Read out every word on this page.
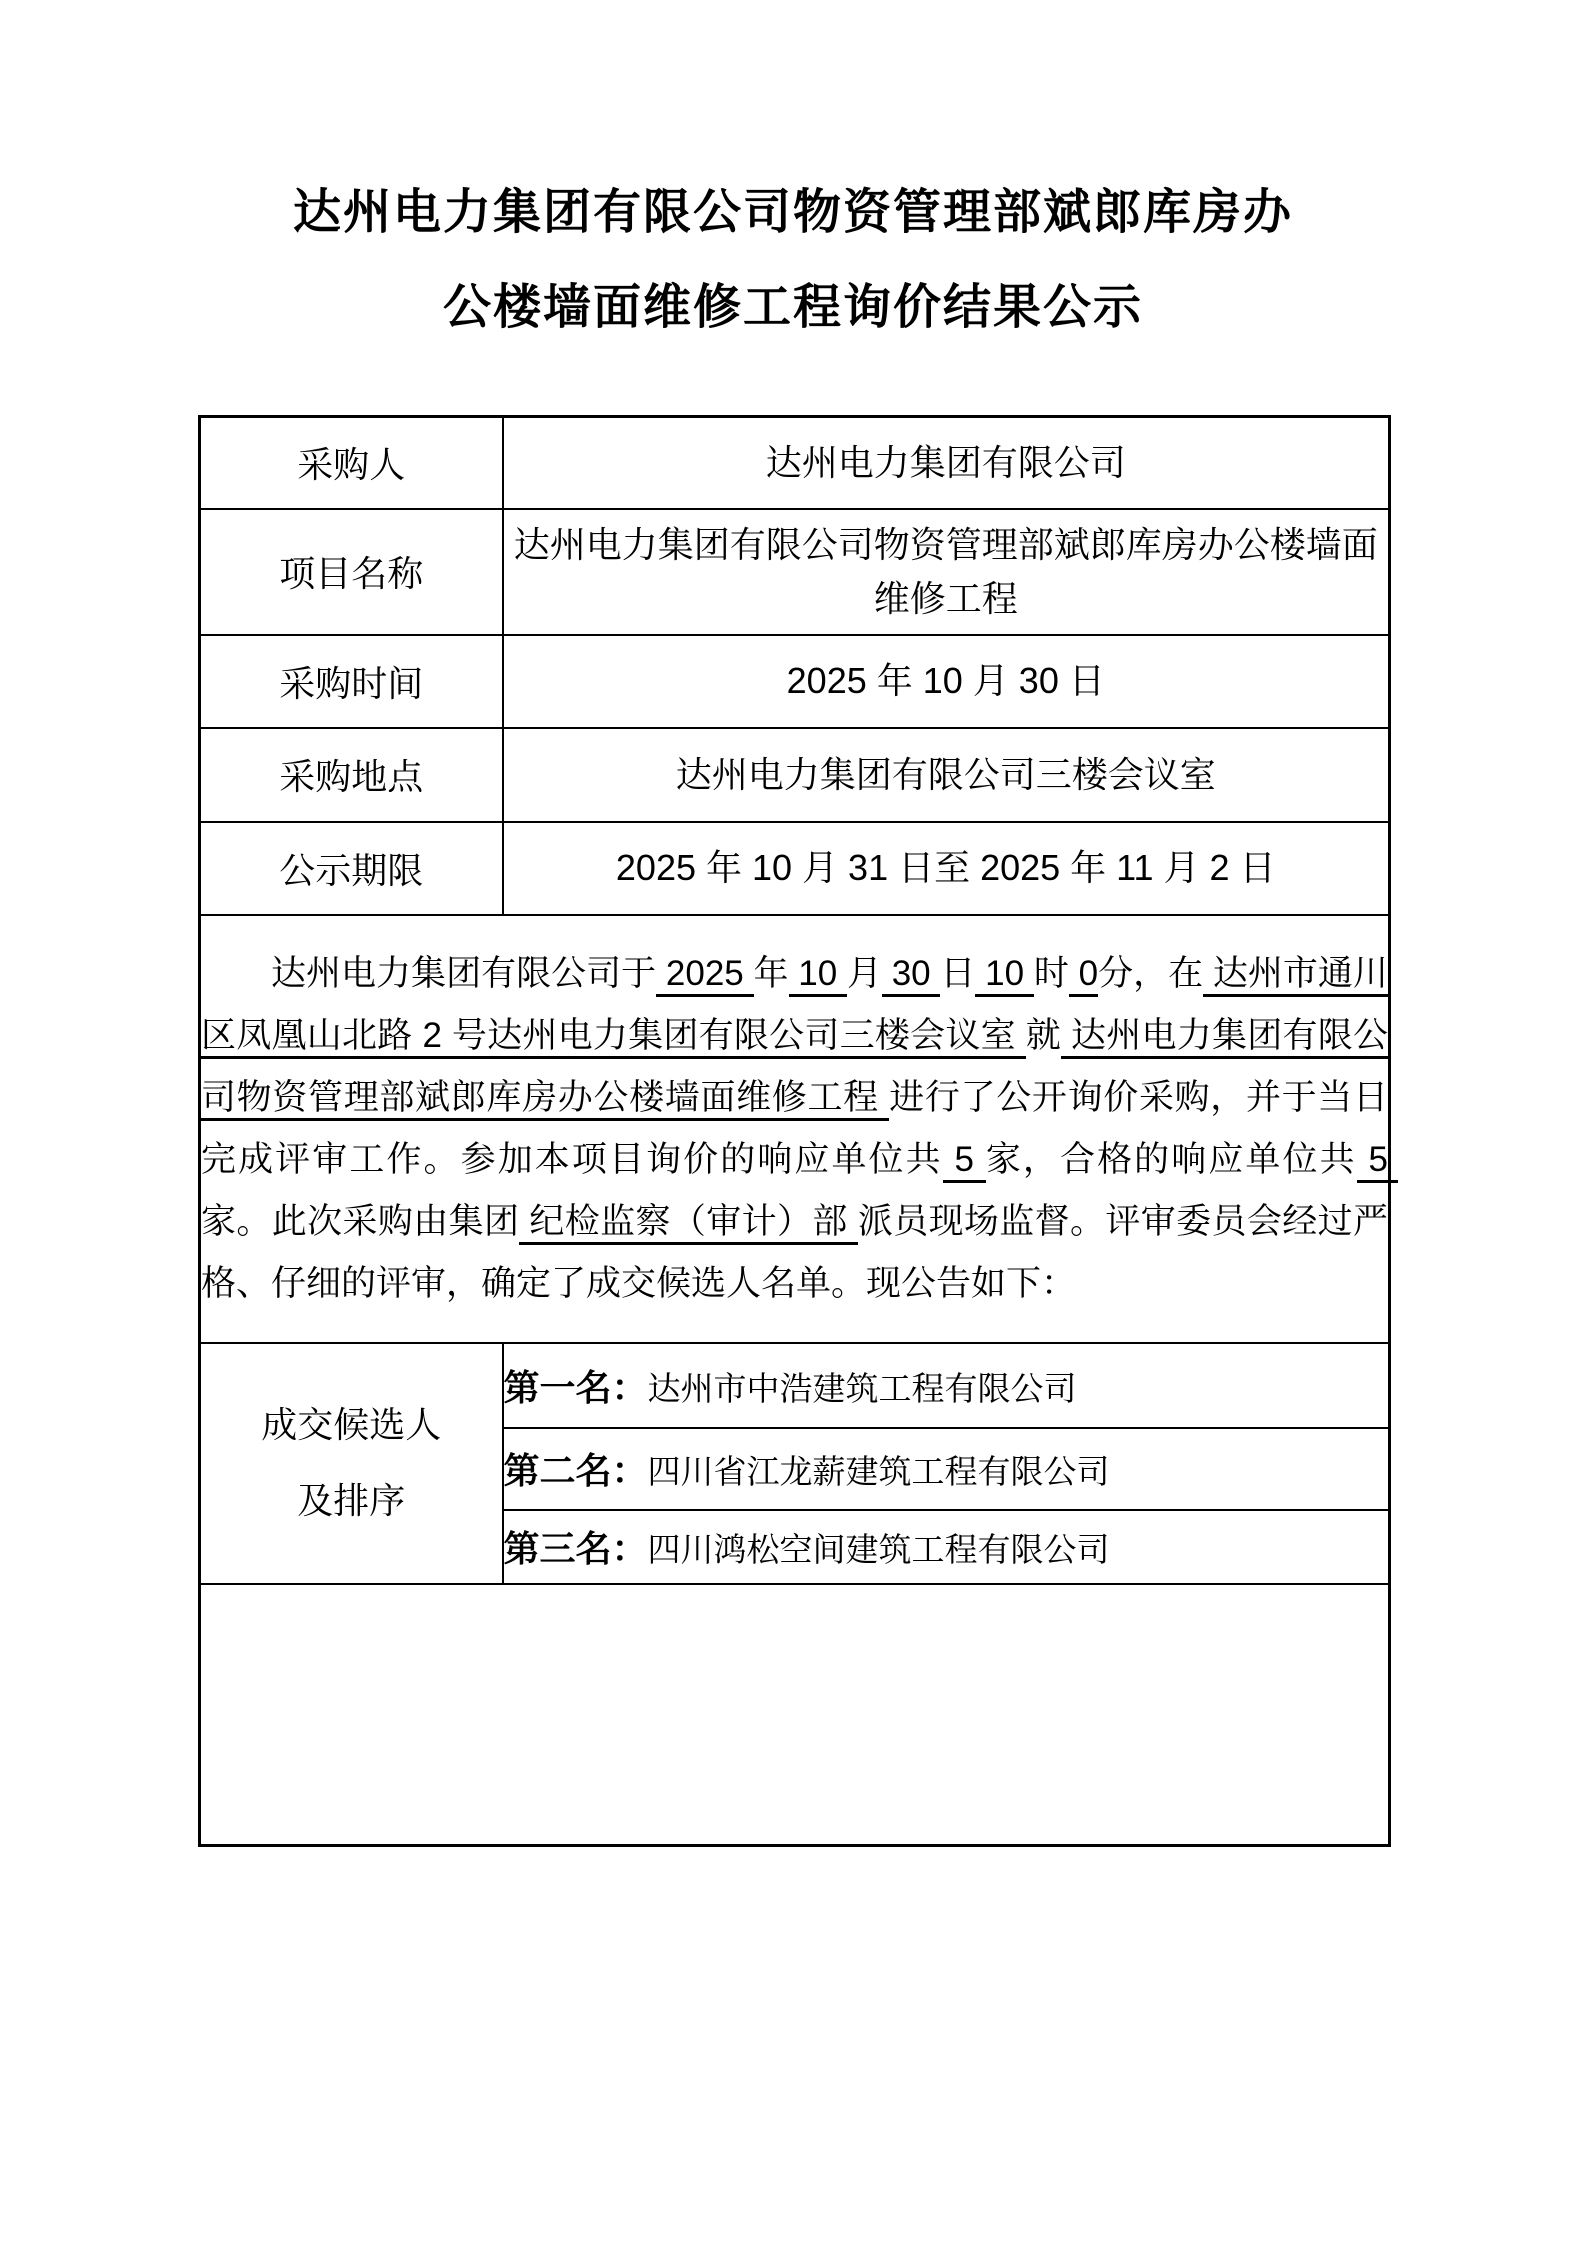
达州电力集团有限公司物资管理部斌郎库房办
公楼墙面维修工程询价结果公示
采购人	达州电力集团有限公司
项目名称	达州电力集团有限公司物资管理部斌郎库房办公楼墙面维修工程
采购时间	2025 年 10 月 30 日
采购地点	达州电力集团有限公司三楼会议室
公示期限	2025 年 10 月 31 日至 2025 年 11 月 2 日

达州电力集团有限公司于 2025 年 10 月 30 日 10 时 0分，在 达州市通川区凤凰山北路 2 号达州电力集团有限公司三楼会议室 就 达州电力集团有限公司物资管理部斌郎库房办公楼墙面维修工程 进行了公开询价采购，并于当日完成评审工作。参加本项目询价的响应单位共 5 家，合格的响应单位共 5 家。此次采购由集团 纪检监察（审计）部 派员现场监督。评审委员会经过严格、仔细的评审，确定了成交候选人名单。现公告如下：	

成交候选人
及排序	第一名：达州市中浩建筑工程有限公司
	第二名：四川省江龙薪建筑工程有限公司
	第三名：四川鸿松空间建筑工程有限公司
